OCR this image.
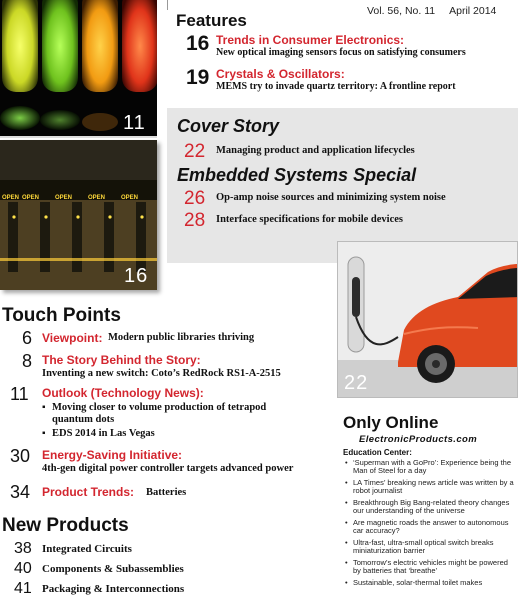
11
OPEN OPEN	OPEN	OPEN	OPEN
16
Vol. 56, No. 11 April 2014
Features
16 Trends in Consumer Electronics:
New optical imaging sensors focus on satisfying consumers
19 Crystals & Oscillators:
MEMS try to invade quartz territory: A frontline report
Cover Story
22 Managing product and application lifecycles
Embedded Systems Special
26 Op-amp noise sources and minimizing system noise
28 Interface specifications for mobile devices
22
Touch Points
6 Viewpoint: Modern public libraries thriving
8 The Story Behind the Story:
Inventing a new switch: Coto’s RedRock RS1-A-2515
11 Outlook (Technology News):
▪ Moving closer to volume production of tetrapod
quantum dots
▪ EDS 2014 in Las Vegas
30 Energy-Saving Initiative:
4th-gen digital power controller targets advanced power
34 Product Trends: Batteries
New Products
38 Integrated Circuits
40 Components & Subassemblies
41 Packaging & Interconnections
Only Online
ElectronicProducts.com
Education Center:
• ‘Superman with a GoPro’: Experience being the Man of Steel for a day
• LA Times’ breaking news article was written by a robot journalist
• Breakthrough Big Bang-related theory changes our understanding of the universe
• Are magnetic roads the answer to autonomous car accuracy?
• Ultra-fast, ultra-small optical switch breaks miniaturization barrier
• Tomorrow’s electric vehicles might be powered by batteries that ‘breathe’
• Sustainable, solar-thermal toilet makes
